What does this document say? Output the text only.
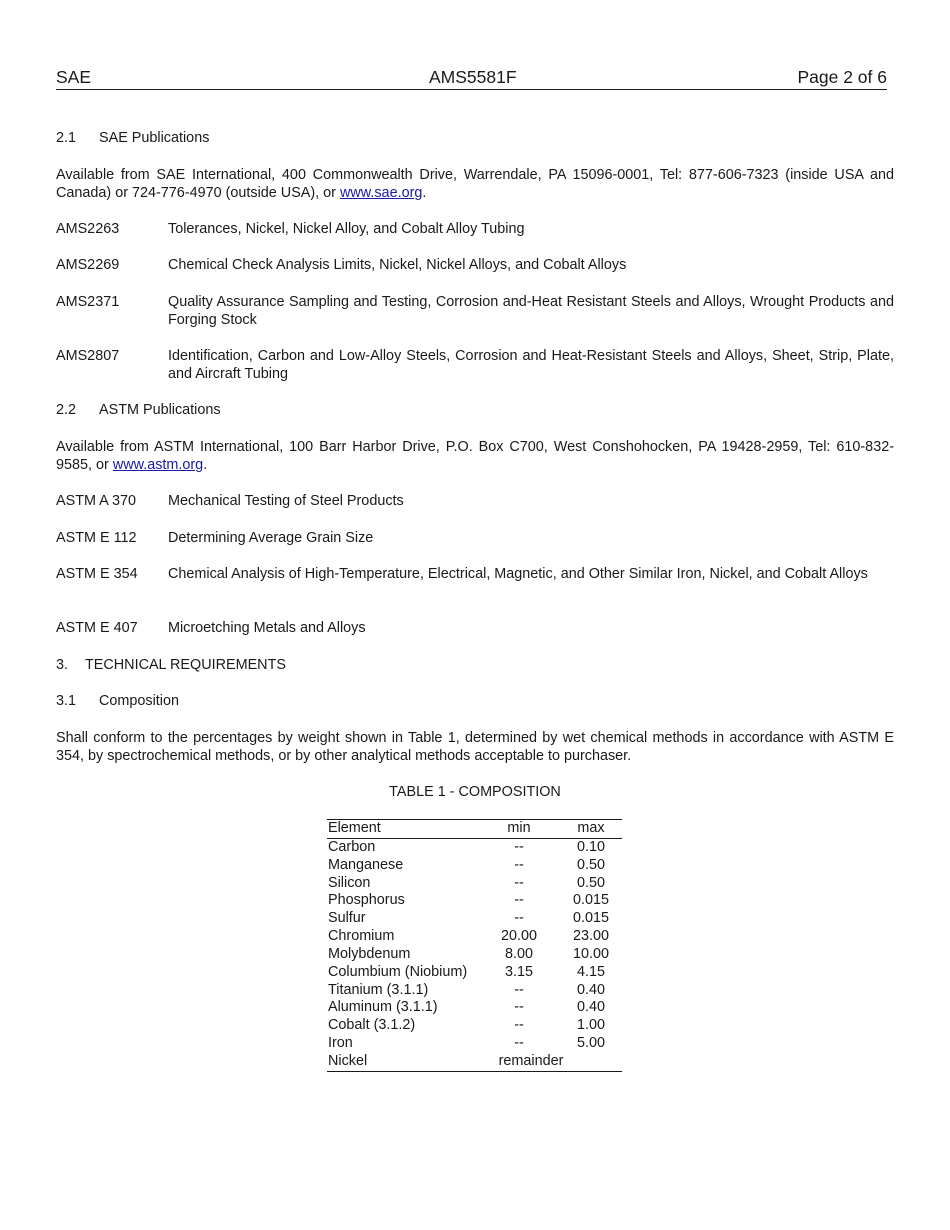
SAE	AMS5581F	Page 2 of 6
2.1 SAE Publications
Available from SAE International, 400 Commonwealth Drive, Warrendale, PA 15096-0001, Tel: 877-606-7323 (inside USA and Canada) or 724-776-4970 (outside USA), or www.sae.org.
AMS2263	Tolerances, Nickel, Nickel Alloy, and Cobalt Alloy Tubing
AMS2269	Chemical Check Analysis Limits, Nickel, Nickel Alloys, and Cobalt Alloys
AMS2371	Quality Assurance Sampling and Testing, Corrosion and-Heat Resistant Steels and Alloys, Wrought Products and Forging Stock
AMS2807	Identification, Carbon and Low-Alloy Steels, Corrosion and Heat-Resistant Steels and Alloys, Sheet, Strip, Plate, and Aircraft Tubing
2.2 ASTM Publications
Available from ASTM International, 100 Barr Harbor Drive, P.O. Box C700, West Conshohocken, PA 19428-2959, Tel: 610-832-9585, or www.astm.org.
ASTM A 370	Mechanical Testing of Steel Products
ASTM E 112	Determining Average Grain Size
ASTM E 354	Chemical Analysis of High-Temperature, Electrical, Magnetic, and Other Similar Iron, Nickel, and Cobalt Alloys
ASTM E 407	Microetching Metals and Alloys
3. TECHNICAL REQUIREMENTS
3.1 Composition
Shall conform to the percentages by weight shown in Table 1, determined by wet chemical methods in accordance with ASTM E 354, by spectrochemical methods, or by other analytical methods acceptable to purchaser.
TABLE 1 - COMPOSITION
Element	min	max
Carbon	--	0.10
Manganese	--	0.50
Silicon	--	0.50
Phosphorus	--	0.015
Sulfur	--	0.015
Chromium	20.00	23.00
Molybdenum	8.00	10.00
Columbium (Niobium)	3.15	4.15
Titanium (3.1.1)	--	0.40
Aluminum (3.1.1)	--	0.40
Cobalt (3.1.2)	--	1.00
Iron	--	5.00
Nickel	remainder
